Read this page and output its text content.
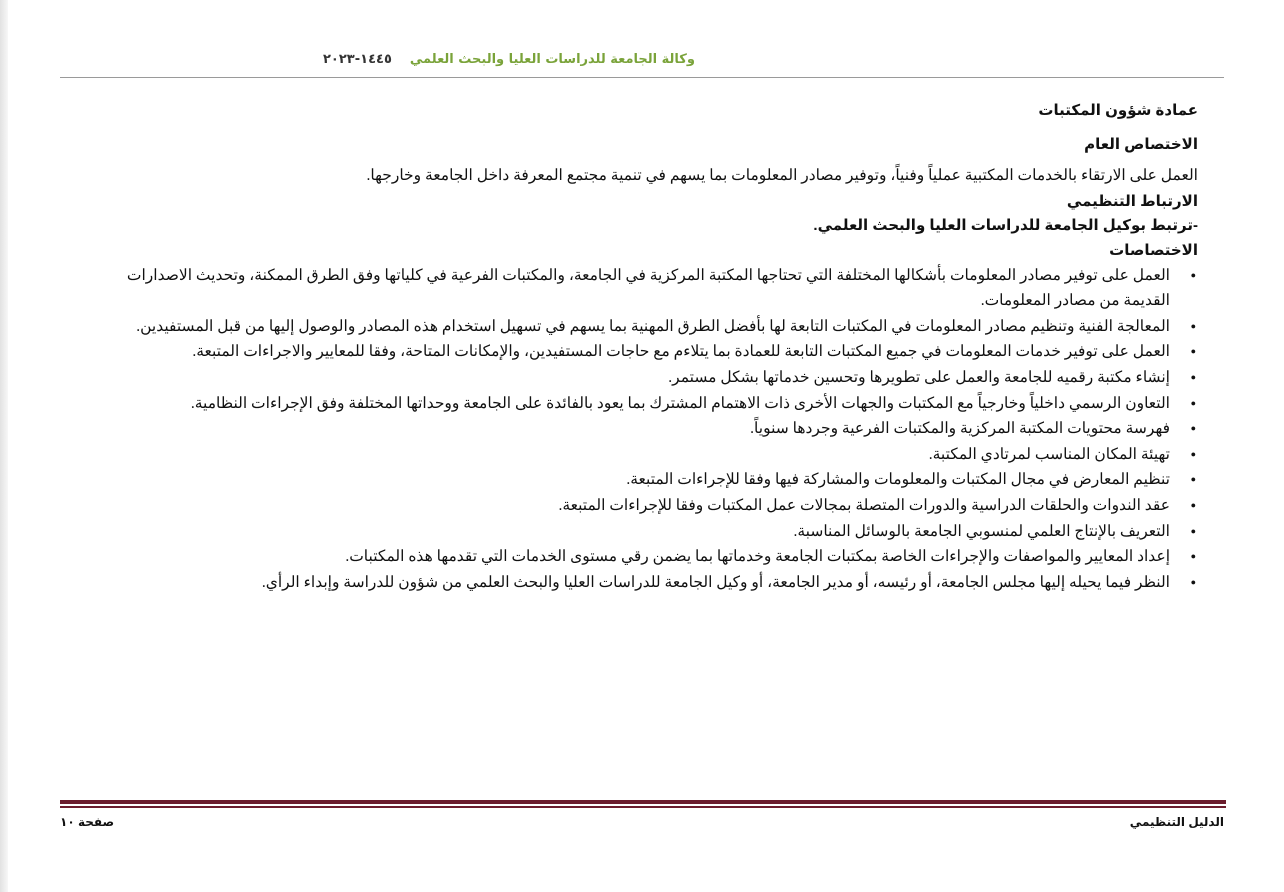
وكالة الجامعة للدراسات العليا والبحث العلمي
١٤٤٥-٢٠٢٣
عمادة شؤون المكتبات
الاختصاص العام

العمل على الارتقاء بالخدمات المكتبية عملياً وفنياً، وتوفير مصادر المعلومات بما يسهم في تنمية مجتمع المعرفة داخل الجامعة وخارجها.

الارتباط التنظيمي
-ترتبط بوكيل الجامعة للدراسات العليا والبحث العلمي.
الاختصاصات
● العمل على توفير مصادر المعلومات بأشكالها المختلفة التي تحتاجها المكتبة المركزية في الجامعة، والمكتبات الفرعية في كلياتها وفق الطرق الممكنة، وتحديث الاصدارات القديمة من مصادر المعلومات.
● المعالجة الفنية وتنظيم مصادر المعلومات في المكتبات التابعة لها بأفضل الطرق المهنية بما يسهم في تسهيل استخدام هذه المصادر والوصول إليها من قبل المستفيدين.
● العمل على توفير خدمات المعلومات في جميع المكتبات التابعة للعمادة بما يتلاءم مع حاجات المستفيدين، والإمكانات المتاحة، وفقا للمعايير والاجراءات المتبعة.
● إنشاء مكتبة رقميه للجامعة والعمل على تطويرها وتحسين خدماتها بشكل مستمر.
● التعاون الرسمي داخلياً وخارجياً مع المكتبات والجهات الأخرى ذات الاهتمام المشترك بما يعود بالفائدة على الجامعة ووحداتها المختلفة وفق الإجراءات النظامية.
● فهرسة محتويات المكتبة المركزية والمكتبات الفرعية وجردها سنوياً.
● تهيئة المكان المناسب لمرتادي المكتبة.
● تنظيم المعارض في مجال المكتبات والمعلومات والمشاركة فيها وفقا للإجراءات المتبعة.
● عقد الندوات والحلقات الدراسية والدورات المتصلة بمجالات عمل المكتبات وفقا للإجراءات المتبعة.
● التعريف بالإنتاج العلمي لمنسوبي الجامعة بالوسائل المناسبة.
● إعداد المعايير والمواصفات والإجراءات الخاصة بمكتبات الجامعة وخدماتها بما يضمن رقي مستوى الخدمات التي تقدمها هذه المكتبات.
● النظر فيما يحيله إليها مجلس الجامعة، أو رئيسه، أو مدير الجامعة، أو وكيل الجامعة للدراسات العليا والبحث العلمي من شؤون للدراسة وإبداء الرأي.
الدليل التنظيمي
صفحة ١٠
